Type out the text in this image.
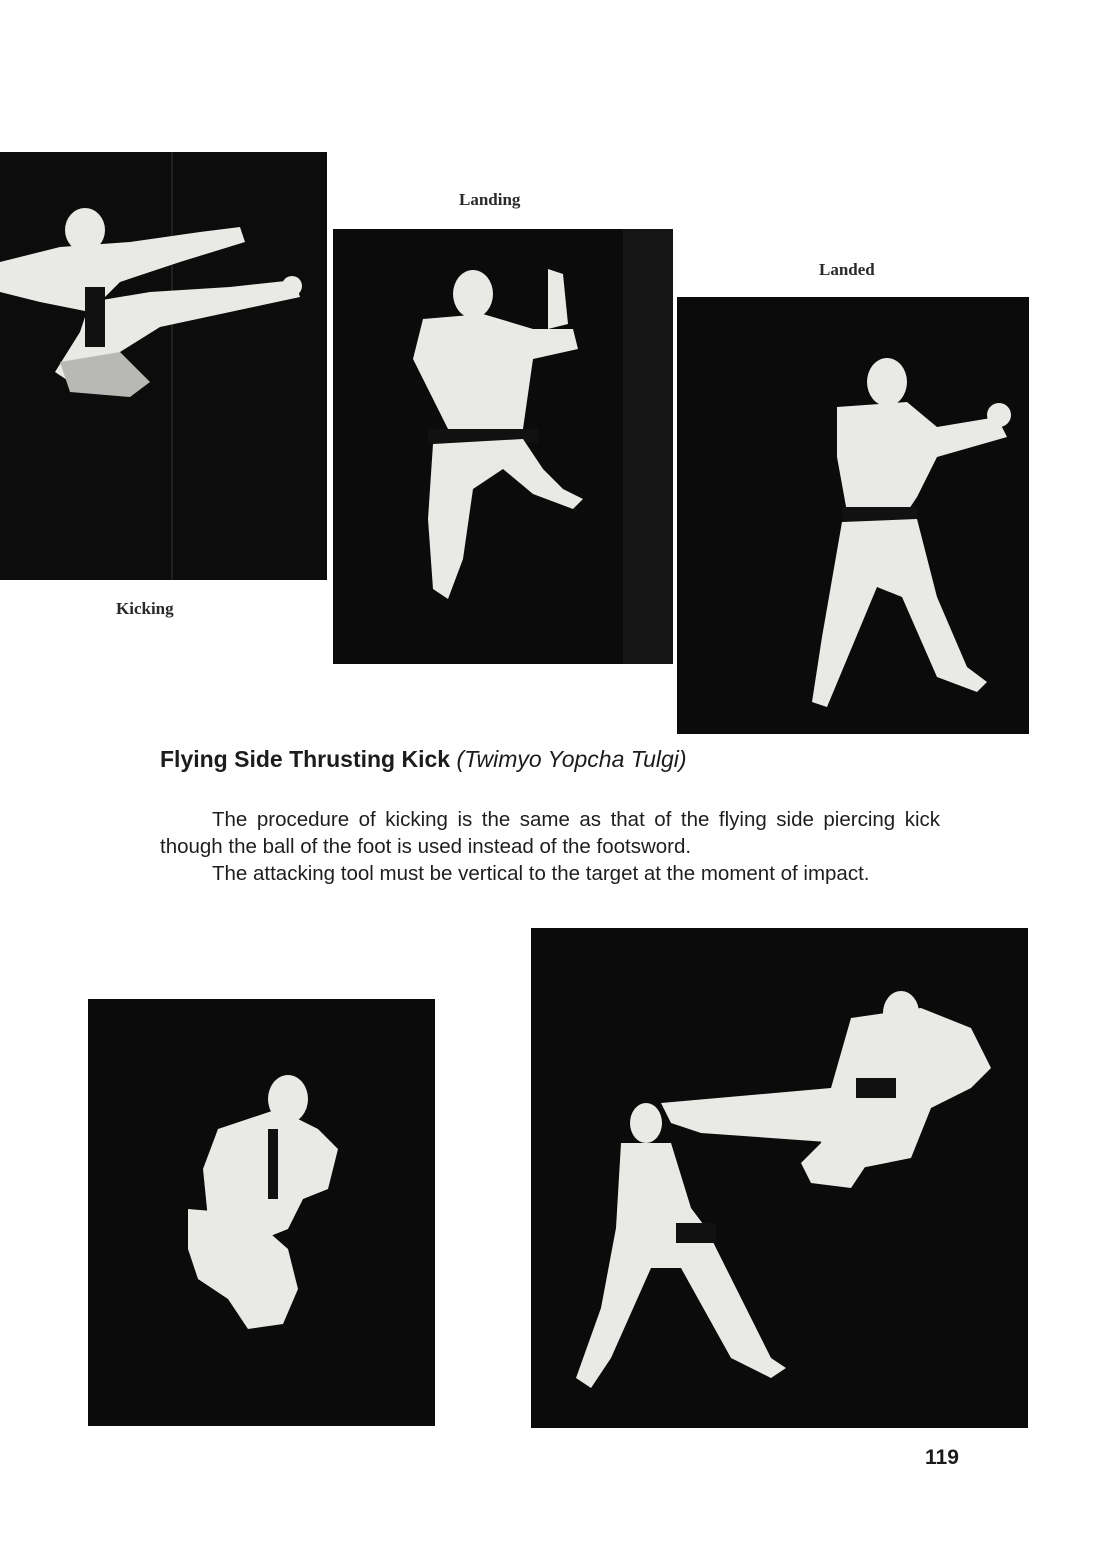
Kicking
Landing
Landed
Flying Side Thrusting Kick (Twimyo Yopcha Tulgi)

The procedure of kicking is the same as that of the flying side piercing kick though the ball of the foot is used instead of the footsword.

The attacking tool must be vertical to the target at the moment of impact.

119
